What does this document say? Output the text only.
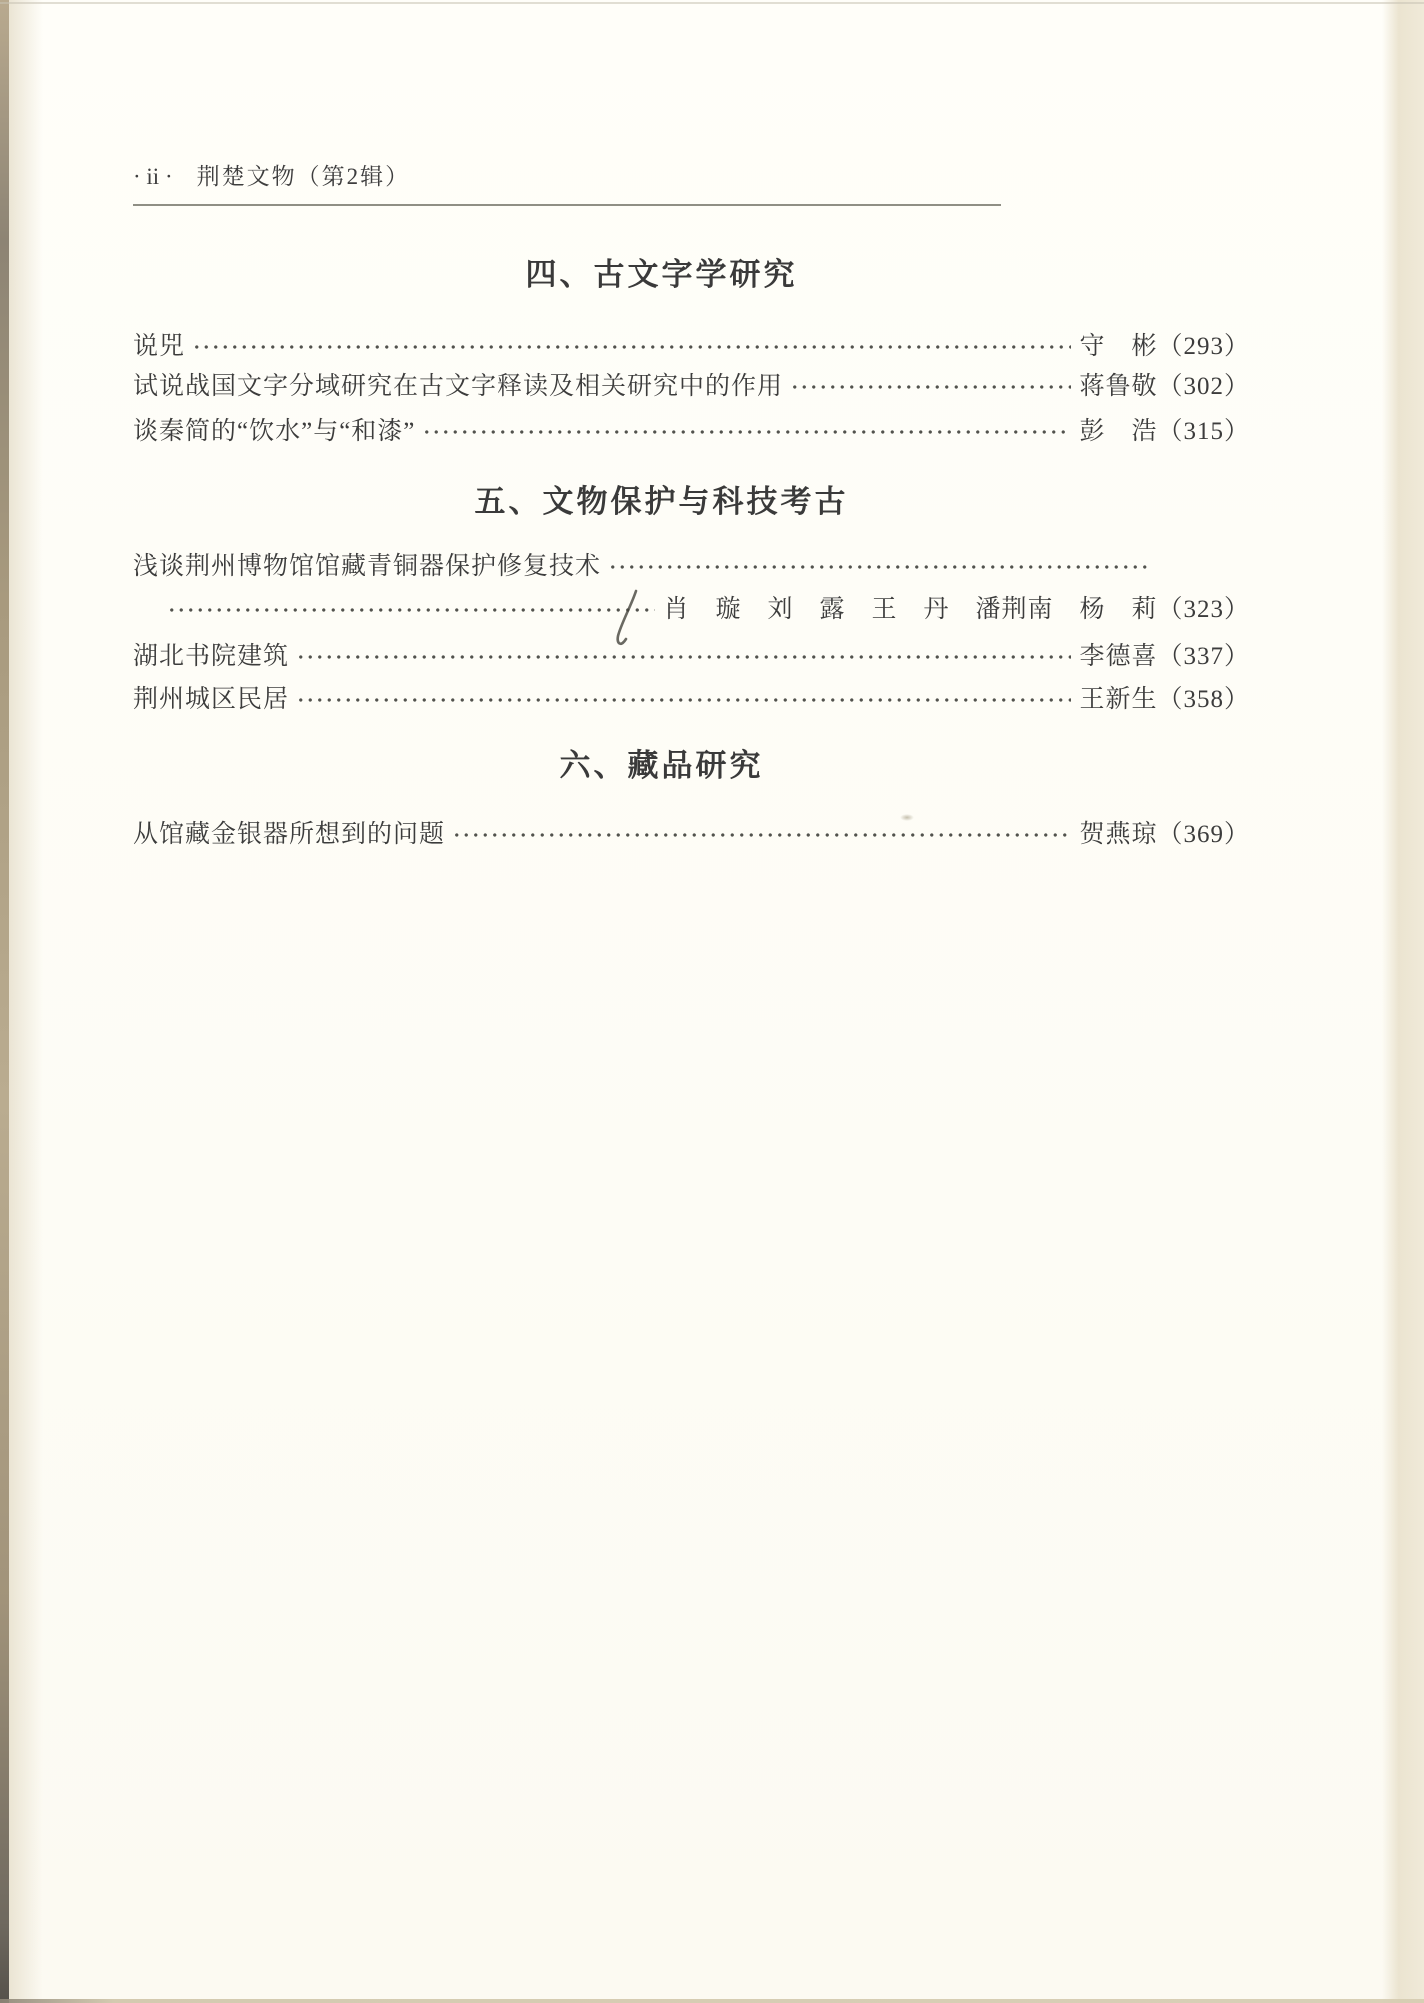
· ii · 荆楚文物（第2辑）
四、古文字学研究
说兕	守　彬（293）
试说战国文字分域研究在古文字释读及相关研究中的作用	蒋鲁敬（302）
谈秦简的“饮水”与“和漆”	彭　浩（315）
五、文物保护与科技考古
浅谈荆州博物馆馆藏青铜器保护修复技术
肖　璇　刘　露　王　丹　潘荆南　杨　莉（323）
湖北书院建筑	李德喜（337）
荆州城区民居	王新生（358）
六、藏品研究
从馆藏金银器所想到的问题	贺燕琼（369）
